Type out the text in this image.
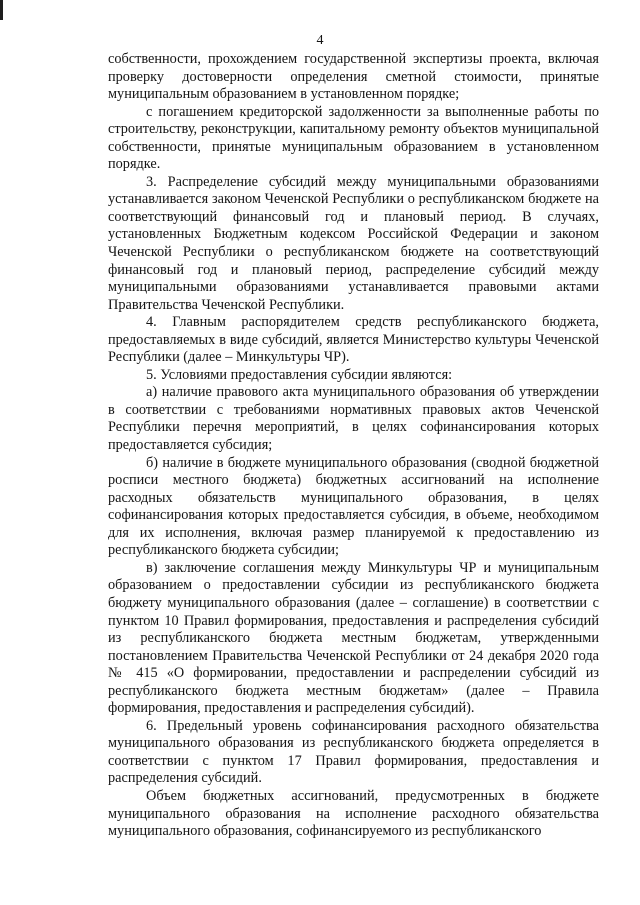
4

собственности, прохождением государственной экспертизы проекта, включая проверку достоверности определения сметной стоимости, принятые муниципальным образованием в установленном порядке;

с погашением кредиторской задолженности за выполненные работы по строительству, реконструкции, капитальному ремонту объектов муниципальной собственности, принятые муниципальным образованием в установленном порядке.

3. Распределение субсидий между муниципальными образованиями устанавливается законом Чеченской Республики о республиканском бюджете на соответствующий финансовый год и плановый период. В случаях, установленных Бюджетным кодексом Российской Федерации и законом Чеченской Республики о республиканском бюджете на соответствующий финансовый год и плановый период, распределение субсидий между муниципальными образованиями устанавливается правовыми актами Правительства Чеченской Республики.

4. Главным распорядителем средств республиканского бюджета, предоставляемых в виде субсидий, является Министерство культуры Чеченской Республики (далее – Минкультуры ЧР).

5. Условиями предоставления субсидии являются:

а) наличие правового акта муниципального образования об утверждении в соответствии с требованиями нормативных правовых актов Чеченской Республики перечня мероприятий, в целях софинансирования которых предоставляется субсидия;

б) наличие в бюджете муниципального образования (сводной бюджетной росписи местного бюджета) бюджетных ассигнований на исполнение расходных обязательств муниципального образования, в целях софинансирования которых предоставляется субсидия, в объеме, необходимом для их исполнения, включая размер планируемой к предоставлению из республиканского бюджета субсидии;

в) заключение соглашения между Минкультуры ЧР и муниципальным образованием о предоставлении субсидии из республиканского бюджета бюджету муниципального образования (далее – соглашение) в соответствии с пунктом 10 Правил формирования, предоставления и распределения субсидий из республиканского бюджета местным бюджетам, утвержденными постановлением Правительства Чеченской Республики от 24 декабря 2020 года № 415 «О формировании, предоставлении и распределении субсидий из республиканского бюджета местным бюджетам» (далее – Правила формирования, предоставления и распределения субсидий).

6. Предельный уровень софинансирования расходного обязательства муниципального образования из республиканского бюджета определяется в соответствии с пунктом 17 Правил формирования, предоставления и распределения субсидий.

Объем бюджетных ассигнований, предусмотренных в бюджете муниципального образования на исполнение расходного обязательства муниципального образования, софинансируемого из республиканского
